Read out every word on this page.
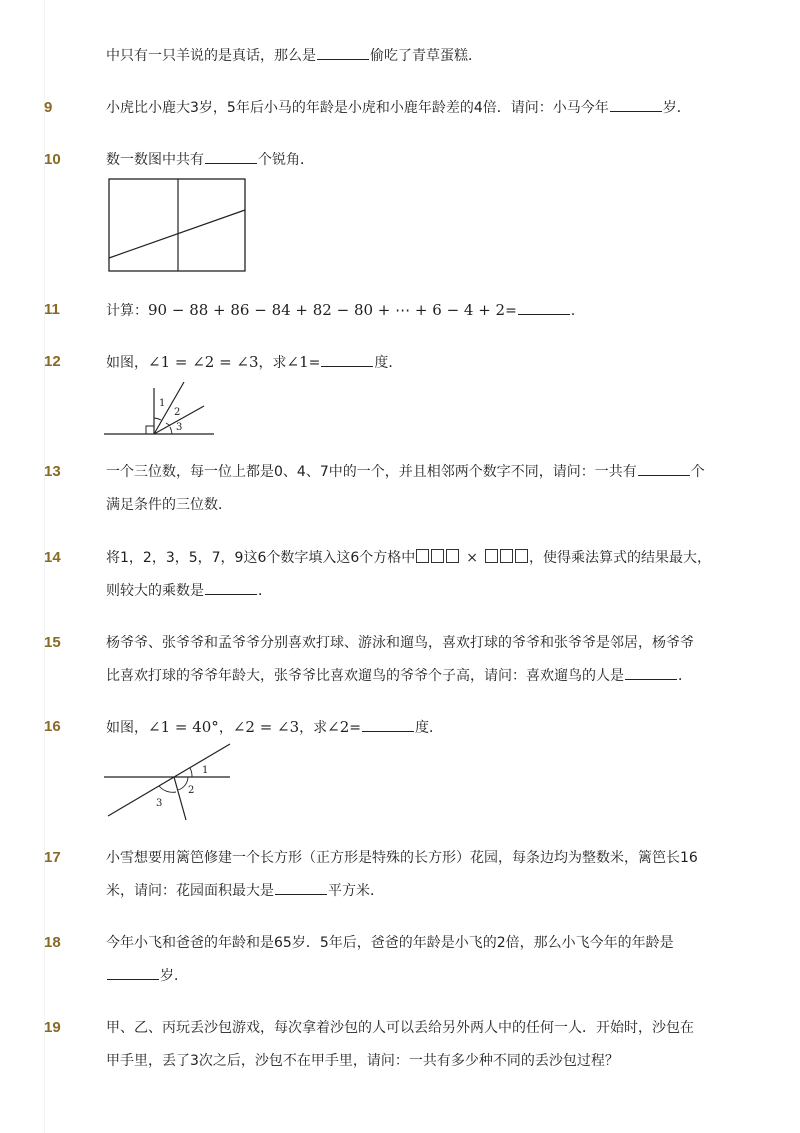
中只有一只羊说的是真话，那么是	偷吃了青草蛋糕．
9	小虎比小鹿大3岁，5年后小马的年龄是小虎和小鹿年龄差的4倍．请问：小马今年	岁．
10	数一数图中共有	个锐角．
11	计算：90 − 88 + 86 − 84 + 82 − 80 + ⋯ + 6 − 4 + 2=	．
12	如图，∠1 = ∠2 = ∠3，求∠1=	度．
1
2
3
13	一个三位数，每一位上都是0、4、7中的一个，并且相邻两个数字不同，请问：一共有	个
满足条件的三位数．
14	将1，2，3，5，7，9这6个数字填入这6个方格中	×	，使得乘法算式的结果最大，
则较大的乘数是	．
15	杨爷爷、张爷爷和孟爷爷分别喜欢打球、游泳和遛鸟，喜欢打球的爷爷和张爷爷是邻居，杨爷爷
比喜欢打球的爷爷年龄大，张爷爷比喜欢遛鸟的爷爷个子高，请问：喜欢遛鸟的人是	．
16	如图，∠1 = 40°，∠2 = ∠3，求∠2=	度．
1
2
3
17	小雪想要用篱笆修建一个长方形（正方形是特殊的长方形）花园，每条边均为整数米，篱笆长16
米，请问：花园面积最大是	平方米．
18	今年小飞和爸爸的年龄和是65岁．5年后，爸爸的年龄是小飞的2倍，那么小飞今年的年龄是
岁．
19	甲、乙、丙玩丢沙包游戏，每次拿着沙包的人可以丢给另外两人中的任何一人．开始时，沙包在
甲手里，丢了3次之后，沙包不在甲手里，请问：一共有多少种不同的丢沙包过程？
